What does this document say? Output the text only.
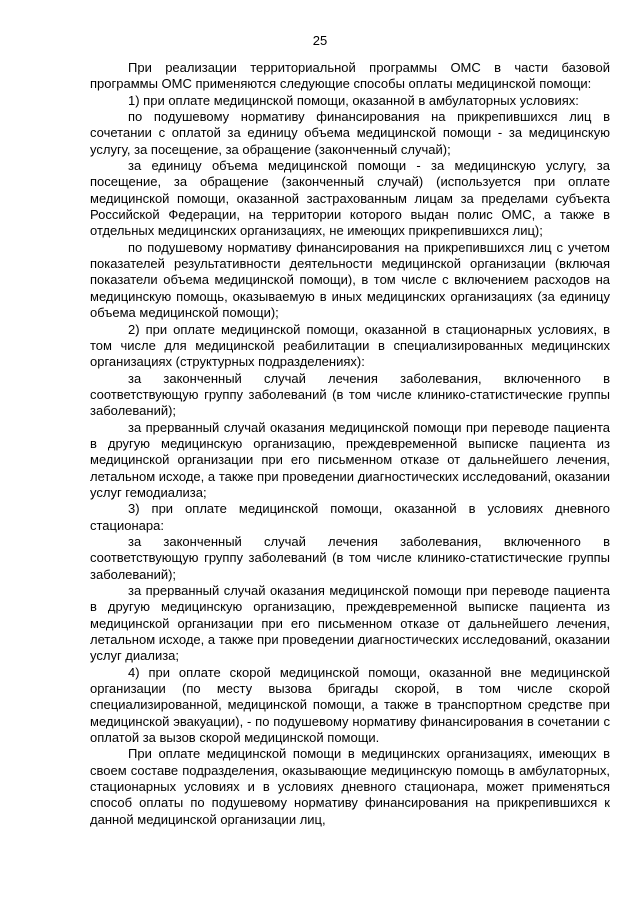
25

При реализации территориальной программы ОМС в части базовой программы ОМС применяются следующие способы оплаты медицинской помощи:

1) при оплате медицинской помощи, оказанной в амбулаторных условиях:

по подушевому нормативу финансирования на прикрепившихся лиц в сочетании с оплатой за единицу объема медицинской помощи - за медицинскую услугу, за посещение, за обращение (законченный случай);

за единицу объема медицинской помощи - за медицинскую услугу, за посещение, за обращение (законченный случай) (используется при оплате медицинской помощи, оказанной застрахованным лицам за пределами субъекта Российской Федерации, на территории которого выдан полис ОМС, а также в отдельных медицинских организациях, не имеющих прикрепившихся лиц);

по подушевому нормативу финансирования на прикрепившихся лиц с учетом показателей результативности деятельности медицинской организации (включая показатели объема медицинской помощи), в том числе с включением расходов на медицинскую помощь, оказываемую в иных медицинских организациях (за единицу объема медицинской помощи);

2) при оплате медицинской помощи, оказанной в стационарных условиях, в том числе для медицинской реабилитации в специализированных медицинских организациях (структурных подразделениях):

за законченный случай лечения заболевания, включенного в соответствующую группу заболеваний (в том числе клинико-статистические группы заболеваний);

за прерванный случай оказания медицинской помощи при переводе пациента в другую медицинскую организацию, преждевременной выписке пациента из медицинской организации при его письменном отказе от дальнейшего лечения, летальном исходе, а также при проведении диагностических исследований, оказании услуг гемодиализа;

3) при оплате медицинской помощи, оказанной в условиях дневного стационара:

за законченный случай лечения заболевания, включенного в соответствующую группу заболеваний (в том числе клинико-статистические группы заболеваний);

за прерванный случай оказания медицинской помощи при переводе пациента в другую медицинскую организацию, преждевременной выписке пациента из медицинской организации при его письменном отказе от дальнейшего лечения, летальном исходе, а также при проведении диагностических исследований, оказании услуг диализа;

4) при оплате скорой медицинской помощи, оказанной вне медицинской организации (по месту вызова бригады скорой, в том числе скорой специализированной, медицинской помощи, а также в транспортном средстве при медицинской эвакуации), - по подушевому нормативу финансирования в сочетании с оплатой за вызов скорой медицинской помощи.

При оплате медицинской помощи в медицинских организациях, имеющих в своем составе подразделения, оказывающие медицинскую помощь в амбулаторных, стационарных условиях и в условиях дневного стационара, может применяться способ оплаты по подушевому нормативу финансирования на прикрепившихся к данной медицинской организации лиц,
